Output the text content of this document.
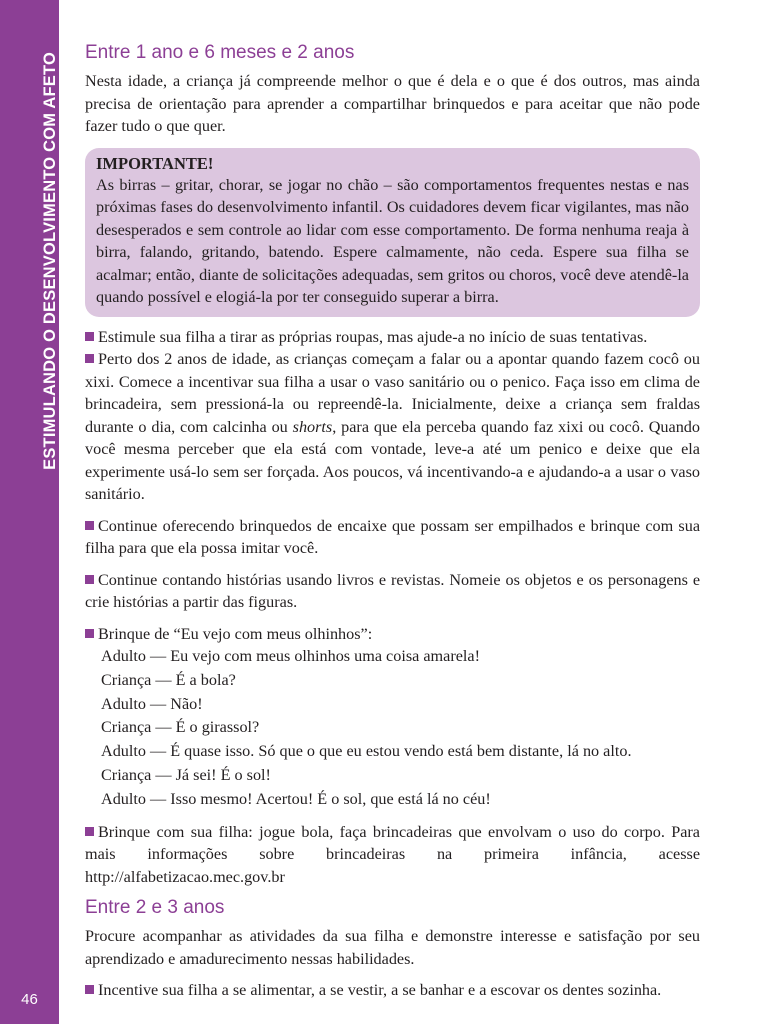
ESTIMULANDO O DESENVOLVIMENTO COM AFETO
46
Entre 1 ano e 6 meses e 2 anos

Nesta idade, a criança já compreende melhor o que é dela e o que é dos outros, mas ainda precisa de orientação para aprender a compartilhar brinquedos e para aceitar que não pode fazer tudo o que quer.

IMPORTANTE!

As birras – gritar, chorar, se jogar no chão – são comportamentos frequentes nestas e nas próximas fases do desenvolvimento infantil. Os cuidadores devem ficar vigilantes, mas não desesperados e sem controle ao lidar com esse comportamento. De forma nenhuma reaja à birra, falando, gritando, batendo. Espere calmamente, não ceda. Espere sua filha se acalmar; então, diante de solicitações adequadas, sem gritos ou choros, você deve atendê-la quando possível e elogiá-la por ter conseguido superar a birra.

Estimule sua filha a tirar as próprias roupas, mas ajude-a no início de suas tentativas.

Perto dos 2 anos de idade, as crianças começam a falar ou a apontar quando fazem cocô ou xixi. Comece a incentivar sua filha a usar o vaso sanitário ou o penico. Faça isso em clima de brincadeira, sem pressioná-la ou repreendê-la. Inicialmente, deixe a criança sem fraldas durante o dia, com calcinha ou shorts, para que ela perceba quando faz xixi ou cocô. Quando você mesma perceber que ela está com vontade, leve-a até um penico e deixe que ela experimente usá-lo sem ser forçada. Aos poucos, vá incentivando-a e ajudando-a a usar o vaso sanitário.

Continue oferecendo brinquedos de encaixe que possam ser empilhados e brinque com sua filha para que ela possa imitar você.

Continue contando histórias usando livros e revistas. Nomeie os objetos e os personagens e crie histórias a partir das figuras.

Brinque de “Eu vejo com meus olhinhos”:

Adulto — Eu vejo com meus olhinhos uma coisa amarela!
Criança — É a bola?
Adulto — Não!
Criança — É o girassol?
Adulto — É quase isso. Só que o que eu estou vendo está bem distante, lá no alto.
Criança — Já sei! É o sol!
Adulto — Isso mesmo! Acertou! É o sol, que está lá no céu!

Brinque com sua filha: jogue bola, faça brincadeiras que envolvam o uso do corpo. Para mais informações sobre brincadeiras na primeira infância, acesse http://alfabetizacao.mec.gov.br

Entre 2 e 3 anos

Procure acompanhar as atividades da sua filha e demonstre interesse e satisfação por seu aprendizado e amadurecimento nessas habilidades.

Incentive sua filha a se alimentar, a se vestir, a se banhar e a escovar os dentes sozinha.
